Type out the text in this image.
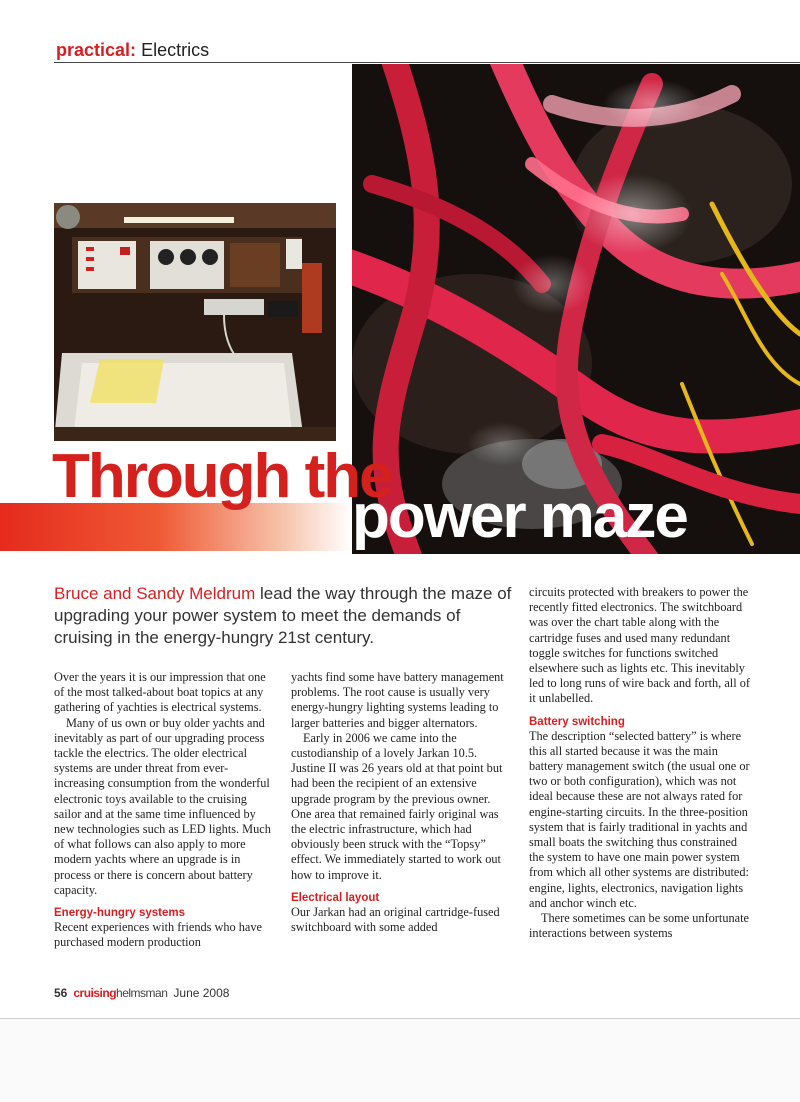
practical: Electrics
Through the
power maze
Bruce and Sandy Meldrum lead the way through the maze of upgrading your power system to meet the demands of cruising in the energy-hungry 21st century.

Over the years it is our impression that one of the most talked-about boat topics at any gathering of yachties is electrical systems.

Many of us own or buy older yachts and inevitably as part of our upgrading process tackle the electrics. The older electrical systems are under threat from ever-increasing consumption from the wonderful electronic toys available to the cruising sailor and at the same time influenced by new technologies such as LED lights. Much of what follows can also apply to more modern yachts where an upgrade is in process or there is concern about battery capacity.

Energy-hungry systems

Recent experiences with friends who have purchased modern production

yachts find some have battery management problems. The root cause is usually very energy-hungry lighting systems leading to larger batteries and bigger alternators.

Early in 2006 we came into the custodianship of a lovely Jarkan 10.5. Justine II was 26 years old at that point but had been the recipient of an extensive upgrade program by the previous owner. One area that remained fairly original was the electric infrastructure, which had obviously been struck with the “Topsy” effect. We immediately started to work out how to improve it.

Electrical layout

Our Jarkan had an original cartridge-fused switchboard with some added

circuits protected with breakers to power the recently fitted electronics. The switchboard was over the chart table along with the cartridge fuses and used many redundant toggle switches for functions switched elsewhere such as lights etc. This inevitably led to long runs of wire back and forth, all of it unlabelled.

Battery switching

The description “selected battery” is where this all started because it was the main battery management switch (the usual one or two or both configuration), which was not ideal because these are not always rated for engine-starting circuits. In the three-position system that is fairly traditional in yachts and small boats the switching thus constrained the system to have one main power system from which all other systems are distributed: engine, lights, electronics, navigation lights and anchor winch etc.

There sometimes can be some unfortunate interactions between systems

56 cruisinghelmsman June 2008
